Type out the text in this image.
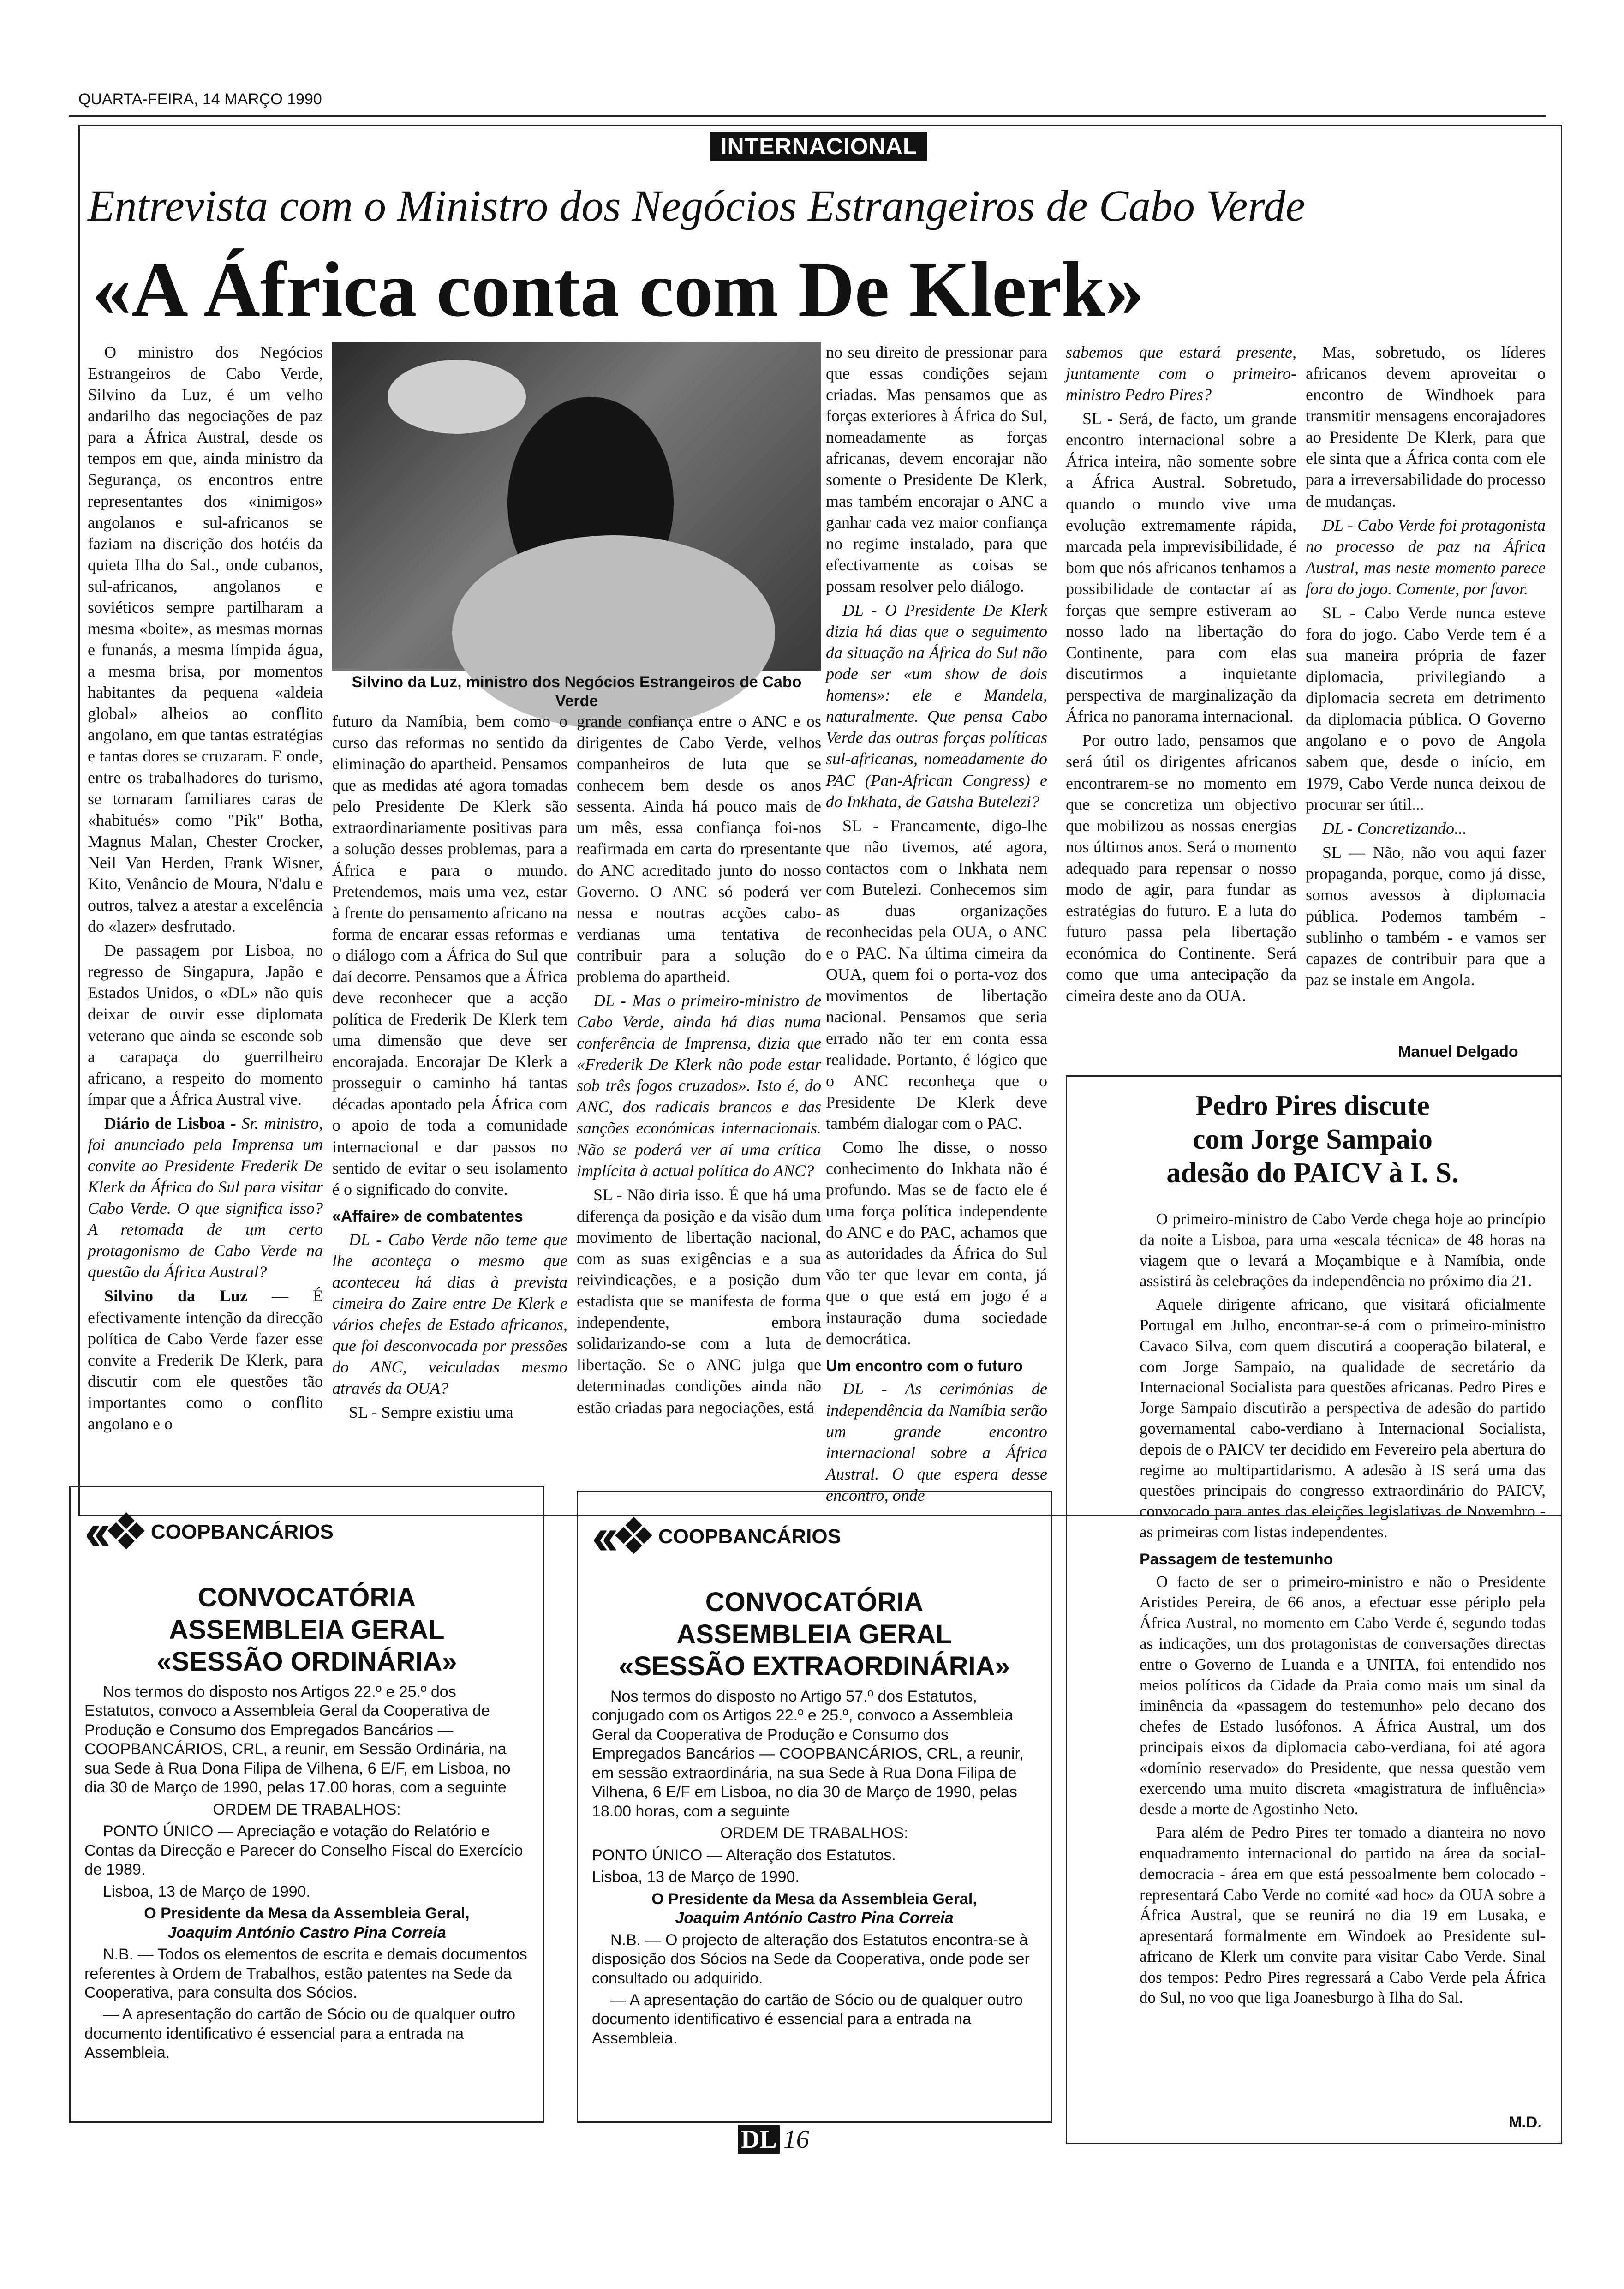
QUARTA-FEIRA, 14 MARÇO 1990
INTERNACIONAL
Entrevista com o Ministro dos Negócios Estrangeiros de Cabo Verde
«A África conta com De Klerk»
Silvino da Luz, ministro dos Negócios Estrangeiros de Cabo Verde

O ministro dos Negócios Estrangeiros de Cabo Verde, Silvino da Luz, é um velho andarilho das negociações de paz para a África Austral, desde os tempos em que, ainda ministro da Segurança, os encontros entre representantes dos «inimigos» angolanos e sul-africanos se faziam na discrição dos hotéis da quieta Ilha do Sal., onde cubanos, sul-africanos, angolanos e soviéticos sempre partilharam a mesma «boite», as mesmas mornas e funanás, a mesma límpida água, a mesma brisa, por momentos habitantes da pequena «aldeia global» alheios ao conflito angolano, em que tantas estratégias e tantas dores se cruzaram. E onde, entre os trabalhadores do turismo, se tornaram familiares caras de «habitués» como "Pik" Botha, Magnus Malan, Chester Crocker, Neil Van Herden, Frank Wisner, Kito, Venâncio de Moura, N'dalu e outros, talvez a atestar a excelência do «lazer» desfrutado.

De passagem por Lisboa, no regresso de Singapura, Japão e Estados Unidos, o «DL» não quis deixar de ouvir esse diplomata veterano que ainda se esconde sob a carapaça do guerrilheiro africano, a respeito do momento ímpar que a África Austral vive.

Diário de Lisboa - Sr. ministro, foi anunciado pela Imprensa um convite ao Presidente Frederik De Klerk da África do Sul para visitar Cabo Verde. O que significa isso? A retomada de um certo protagonismo de Cabo Verde na questão da África Austral?

Silvino da Luz — É efectivamente intenção da direcção política de Cabo Verde fazer esse convite a Frederik De Klerk, para discutir com ele questões tão importantes como o conflito angolano e o

futuro da Namíbia, bem como o curso das reformas no sentido da eliminação do apartheid. Pensamos que as medidas até agora tomadas pelo Presidente De Klerk são extraordinariamente positivas para a solução desses problemas, para a África e para o mundo. Pretendemos, mais uma vez, estar à frente do pensamento africano na forma de encarar essas reformas e o diálogo com a África do Sul que daí decorre. Pensamos que a África deve reconhecer que a acção política de Frederik De Klerk tem uma dimensão que deve ser encorajada. Encorajar De Klerk a prosseguir o caminho há tantas décadas apontado pela África com o apoio de toda a comunidade internacional e dar passos no sentido de evitar o seu isolamento é o significado do convite.

«Affaire» de combatentes

DL - Cabo Verde não teme que lhe aconteça o mesmo que aconteceu há dias à prevista cimeira do Zaire entre De Klerk e vários chefes de Estado africanos, que foi desconvocada por pressões do ANC, veiculadas mesmo através da OUA?

SL - Sempre existiu uma

grande confiança entre o ANC e os dirigentes de Cabo Verde, velhos companheiros de luta que se conhecem bem desde os anos sessenta. Ainda há pouco mais de um mês, essa confiança foi-nos reafirmada em carta do rpresentante do ANC acreditado junto do nosso Governo. O ANC só poderá ver nessa e noutras acções cabo-verdianas uma tentativa de contribuir para a solução do problema do apartheid.

DL - Mas o primeiro-ministro de Cabo Verde, ainda há dias numa conferência de Imprensa, dizia que «Frederik De Klerk não pode estar sob três fogos cruzados». Isto é, do ANC, dos radicais brancos e das sanções económicas internacionais. Não se poderá ver aí uma crítica implícita à actual política do ANC?

SL - Não diria isso. É que há uma diferença da posição e da visão dum movimento de libertação nacional, com as suas exigências e a sua reivindicações, e a posição dum estadista que se manifesta de forma independente, embora solidarizando-se com a luta de libertação. Se o ANC julga que determinadas condições ainda não estão criadas para negociações, está

no seu direito de pressionar para que essas condições sejam criadas. Mas pensamos que as forças exteriores à África do Sul, nomeadamente as forças africanas, devem encorajar não somente o Presidente De Klerk, mas também encorajar o ANC a ganhar cada vez maior confiança no regime instalado, para que efectivamente as coisas se possam resolver pelo diálogo.

DL - O Presidente De Klerk dizia há dias que o seguimento da situação na África do Sul não pode ser «um show de dois homens»: ele e Mandela, naturalmente. Que pensa Cabo Verde das outras forças políticas sul-africanas, nomeadamente do PAC (Pan-African Congress) e do Inkhata, de Gatsha Butelezi?

SL - Francamente, digo-lhe que não tivemos, até agora, contactos com o Inkhata nem com Butelezi. Conhecemos sim as duas organizações reconhecidas pela OUA, o ANC e o PAC. Na última cimeira da OUA, quem foi o porta-voz dos movimentos de libertação nacional. Pensamos que seria errado não ter em conta essa realidade. Portanto, é lógico que o ANC reconheça que o Presidente De Klerk deve também dialogar com o PAC.

Como lhe disse, o nosso conhecimento do Inkhata não é profundo. Mas se de facto ele é uma força política independente do ANC e do PAC, achamos que as autoridades da África do Sul vão ter que levar em conta, já que o que está em jogo é a instauração duma sociedade democrática.

Um encontro com o futuro

DL - As cerimónias de independência da Namíbia serão um grande encontro internacional sobre a África Austral. O que espera desse encontro, onde

sabemos que estará presente, juntamente com o primeiro-ministro Pedro Pires?

SL - Será, de facto, um grande encontro internacional sobre a África inteira, não somente sobre a África Austral. Sobretudo, quando o mundo vive uma evolução extremamente rápida, marcada pela imprevisibilidade, é bom que nós africanos tenhamos a possibilidade de contactar aí as forças que sempre estiveram ao nosso lado na libertação do Continente, para com elas discutirmos a inquietante perspectiva de marginalização da África no panorama internacional.

Por outro lado, pensamos que será útil os dirigentes africanos encontrarem-se no momento em que se concretiza um objectivo que mobilizou as nossas energias nos últimos anos. Será o momento adequado para repensar o nosso modo de agir, para fundar as estratégias do futuro. E a luta do futuro passa pela libertação económica do Continente. Será como que uma antecipação da cimeira deste ano da OUA.

Mas, sobretudo, os líderes africanos devem aproveitar o encontro de Windhoek para transmitir mensagens encorajadores ao Presidente De Klerk, para que ele sinta que a África conta com ele para a irreversabilidade do processo de mudanças.

DL - Cabo Verde foi protagonista no processo de paz na África Austral, mas neste momento parece fora do jogo. Comente, por favor.

SL - Cabo Verde nunca esteve fora do jogo. Cabo Verde tem é a sua maneira própria de fazer diplomacia, privilegiando a diplomacia secreta em detrimento da diplomacia pública. O Governo angolano e o povo de Angola sabem que, desde o início, em 1979, Cabo Verde nunca deixou de procurar ser útil...

DL - Concretizando...

SL — Não, não vou aqui fazer propaganda, porque, como já disse, somos avessos à diplomacia pública. Podemos também - sublinho o também - e vamos ser capazes de contribuir para que a paz se instale em Angola.

Manuel Delgado
Pedro Pires discute
com Jorge Sampaio
adesão do PAICV à I. S.

O primeiro-ministro de Cabo Verde chega hoje ao princípio da noite a Lisboa, para uma «escala técnica» de 48 horas na viagem que o levará a Moçambique e à Namíbia, onde assistirá às celebrações da independência no próximo dia 21.

Aquele dirigente africano, que visitará oficialmente Portugal em Julho, encontrar-se-á com o primeiro-ministro Cavaco Silva, com quem discutirá a cooperação bilateral, e com Jorge Sampaio, na qualidade de secretário da Internacional Socialista para questões africanas. Pedro Pires e Jorge Sampaio discutirão a perspectiva de adesão do partido governamental cabo-verdiano à Internacional Socialista, depois de o PAICV ter decidido em Fevereiro pela abertura do regime ao multipartidarismo. A adesão à IS será uma das questões principais do congresso extraordinário do PAICV, convocado para antes das eleições legislativas de Novembro - as primeiras com listas independentes.

Passagem de testemunho

O facto de ser o primeiro-ministro e não o Presidente Aristides Pereira, de 66 anos, a efectuar esse périplo pela África Austral, no momento em Cabo Verde é, segundo todas as indicações, um dos protagonistas de conversações directas entre o Governo de Luanda e a UNITA, foi entendido nos meios políticos da Cidade da Praia como mais um sinal da iminência da «passagem do testemunho» pelo decano dos chefes de Estado lusófonos. A África Austral, um dos principais eixos da diplomacia cabo-verdiana, foi até agora «domínio reservado» do Presidente, que nessa questão vem exercendo uma muito discreta «magistratura de influência» desde a morte de Agostinho Neto.

Para além de Pedro Pires ter tomado a dianteira no novo enquadramento internacional do partido na área da social-democracia - área em que está pessoalmente bem colocado - representará Cabo Verde no comité «ad hoc» da OUA sobre a África Austral, que se reunirá no dia 19 em Lusaka, e apresentará formalmente em Windoek ao Presidente sul-africano de Klerk um convite para visitar Cabo Verde. Sinal dos tempos: Pedro Pires regressará a Cabo Verde pela África do Sul, no voo que liga Joanesburgo à Ilha do Sal.

M.D.
‹‹❖ COOPBANCÁRIOS
CONVOCATÓRIA
ASSEMBLEIA GERAL
«SESSÃO ORDINÁRIA»

Nos termos do disposto nos Artigos 22.º e 25.º dos Estatutos, convoco a Assembleia Geral da Cooperativa de Produção e Consumo dos Empregados Bancários — COOPBANCÁRIOS, CRL, a reunir, em Sessão Ordinária, na sua Sede à Rua Dona Filipa de Vilhena, 6 E/F, em Lisboa, no dia 30 de Março de 1990, pelas 17.00 horas, com a seguinte

ORDEM DE TRABALHOS:

PONTO ÚNICO — Apreciação e votação do Relatório e Contas da Direcção e Parecer do Conselho Fiscal do Exercício de 1989.

Lisboa, 13 de Março de 1990.

O Presidente da Mesa da Assembleia Geral,

Joaquim António Castro Pina Correia

N.B. — Todos os elementos de escrita e demais documentos referentes à Ordem de Trabalhos, estão patentes na Sede da Cooperativa, para consulta dos Sócios.

— A apresentação do cartão de Sócio ou de qualquer outro documento identificativo é essencial para a entrada na Assembleia.

‹‹❖ COOPBANCÁRIOS
CONVOCATÓRIA
ASSEMBLEIA GERAL
«SESSÃO EXTRAORDINÁRIA»

Nos termos do disposto no Artigo 57.º dos Estatutos, conjugado com os Artigos 22.º e 25.º, convoco a Assembleia Geral da Cooperativa de Produção e Consumo dos Empregados Bancários — COOPBANCÁRIOS, CRL, a reunir, em sessão extraordinária, na sua Sede à Rua Dona Filipa de Vilhena, 6 E/F em Lisboa, no dia 30 de Março de 1990, pelas 18.00 horas, com a seguinte

ORDEM DE TRABALHOS:

PONTO ÚNICO — Alteração dos Estatutos.

Lisboa, 13 de Março de 1990.

O Presidente da Mesa da Assembleia Geral,

Joaquim António Castro Pina Correia

N.B. — O projecto de alteração dos Estatutos encontra-se à disposição dos Sócios na Sede da Cooperativa, onde pode ser consultado ou adquirido.

— A apresentação do cartão de Sócio ou de qualquer outro documento identificativo é essencial para a entrada na Assembleia.

DL 16
